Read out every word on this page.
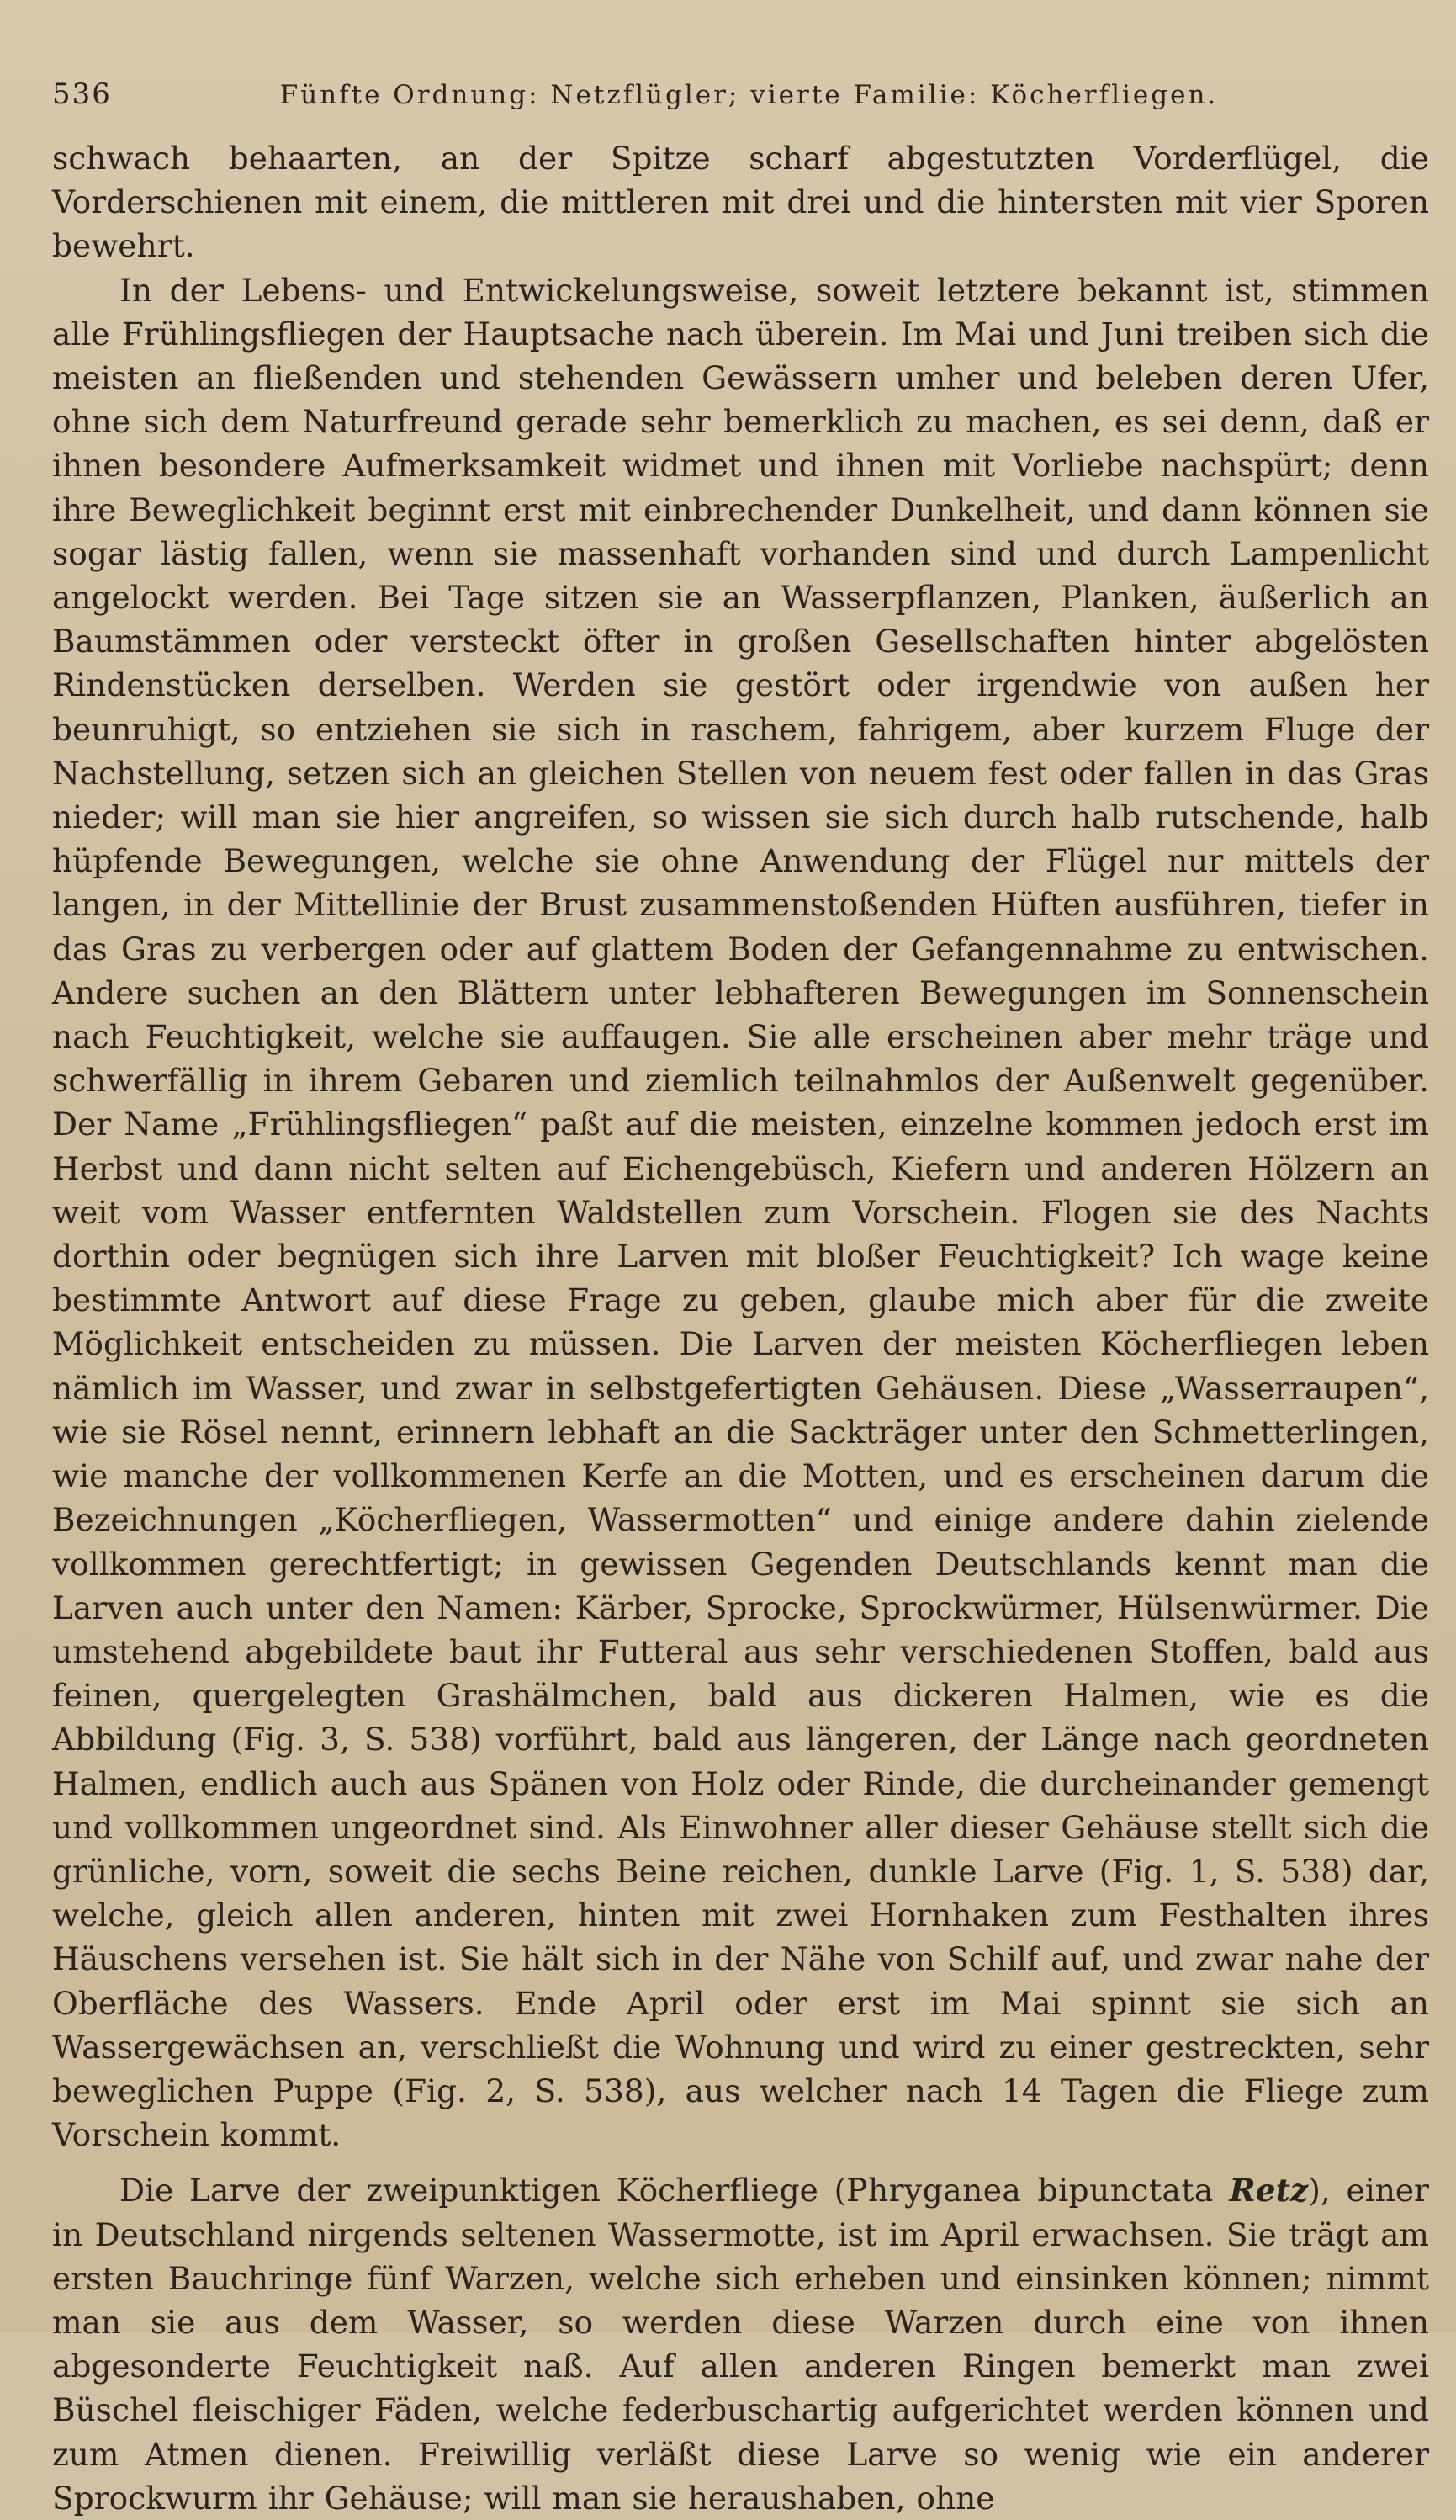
536	Fünfte Ordnung: Netzflügler; vierte Familie: Köcherfliegen.

schwach behaarten, an der Spitze scharf abgestutzten Vorderflügel, die Vorderschienen mit einem, die mittleren mit drei und die hintersten mit vier Sporen bewehrt.

In der Lebens- und Entwickelungsweise, soweit letztere bekannt ist, stimmen alle Frühlingsfliegen der Hauptsache nach überein. Im Mai und Juni treiben sich die meisten an fließenden und stehenden Gewässern umher und beleben deren Ufer, ohne sich dem Naturfreund gerade sehr bemerklich zu machen, es sei denn, daß er ihnen besondere Aufmerksamkeit widmet und ihnen mit Vorliebe nachspürt; denn ihre Beweglichkeit beginnt erst mit einbrechender Dunkelheit, und dann können sie sogar lästig fallen, wenn sie massenhaft vorhanden sind und durch Lampenlicht angelockt werden. Bei Tage sitzen sie an Wasserpflanzen, Planken, äußerlich an Baumstämmen oder versteckt öfter in großen Gesellschaften hinter abgelösten Rindenstücken derselben. Werden sie gestört oder irgendwie von außen her beunruhigt, so entziehen sie sich in raschem, fahrigem, aber kurzem Fluge der Nachstellung, setzen sich an gleichen Stellen von neuem fest oder fallen in das Gras nieder; will man sie hier angreifen, so wissen sie sich durch halb rutschende, halb hüpfende Bewegungen, welche sie ohne Anwendung der Flügel nur mittels der langen, in der Mittellinie der Brust zusammenstoßenden Hüften ausführen, tiefer in das Gras zu verbergen oder auf glattem Boden der Gefangennahme zu entwischen. Andere suchen an den Blättern unter lebhafteren Bewegungen im Sonnenschein nach Feuchtigkeit, welche sie auffaugen. Sie alle erscheinen aber mehr träge und schwerfällig in ihrem Gebaren und ziemlich teilnahmlos der Außenwelt gegenüber. Der Name „Frühlingsfliegen“ paßt auf die meisten, einzelne kommen jedoch erst im Herbst und dann nicht selten auf Eichengebüsch, Kiefern und anderen Hölzern an weit vom Wasser entfernten Waldstellen zum Vorschein. Flogen sie des Nachts dorthin oder begnügen sich ihre Larven mit bloßer Feuchtigkeit? Ich wage keine bestimmte Antwort auf diese Frage zu geben, glaube mich aber für die zweite Möglichkeit entscheiden zu müssen. Die Larven der meisten Köcherfliegen leben nämlich im Wasser, und zwar in selbstgefertigten Gehäusen. Diese „Wasserraupen“, wie sie Rösel nennt, erinnern lebhaft an die Sackträger unter den Schmetterlingen, wie manche der vollkommenen Kerfe an die Motten, und es erscheinen darum die Bezeichnungen „Köcherfliegen, Wassermotten“ und einige andere dahin zielende vollkommen gerechtfertigt; in gewissen Gegenden Deutschlands kennt man die Larven auch unter den Namen: Kärber, Sprocke, Sprockwürmer, Hülsenwürmer. Die umstehend abgebildete baut ihr Futteral aus sehr verschiedenen Stoffen, bald aus feinen, quergelegten Grashälmchen, bald aus dickeren Halmen, wie es die Abbildung (Fig. 3, S. 538) vorführt, bald aus längeren, der Länge nach geordneten Halmen, endlich auch aus Spänen von Holz oder Rinde, die durcheinander gemengt und vollkommen ungeordnet sind. Als Einwohner aller dieser Gehäuse stellt sich die grünliche, vorn, soweit die sechs Beine reichen, dunkle Larve (Fig. 1, S. 538) dar, welche, gleich allen anderen, hinten mit zwei Hornhaken zum Festhalten ihres Häuschens versehen ist. Sie hält sich in der Nähe von Schilf auf, und zwar nahe der Oberfläche des Wassers. Ende April oder erst im Mai spinnt sie sich an Wassergewächsen an, verschließt die Wohnung und wird zu einer gestreckten, sehr beweglichen Puppe (Fig. 2, S. 538), aus welcher nach 14 Tagen die Fliege zum Vorschein kommt.

Die Larve der zweipunktigen Köcherfliege (Phryganea bipunctata Retz), einer in Deutschland nirgends seltenen Wassermotte, ist im April erwachsen. Sie trägt am ersten Bauchringe fünf Warzen, welche sich erheben und einsinken können; nimmt man sie aus dem Wasser, so werden diese Warzen durch eine von ihnen abgesonderte Feuchtigkeit naß. Auf allen anderen Ringen bemerkt man zwei Büschel fleischiger Fäden, welche federbuschartig aufgerichtet werden können und zum Atmen dienen. Freiwillig verläßt diese Larve so wenig wie ein anderer Sprockwurm ihr Gehäuse; will man sie heraushaben, ohne
